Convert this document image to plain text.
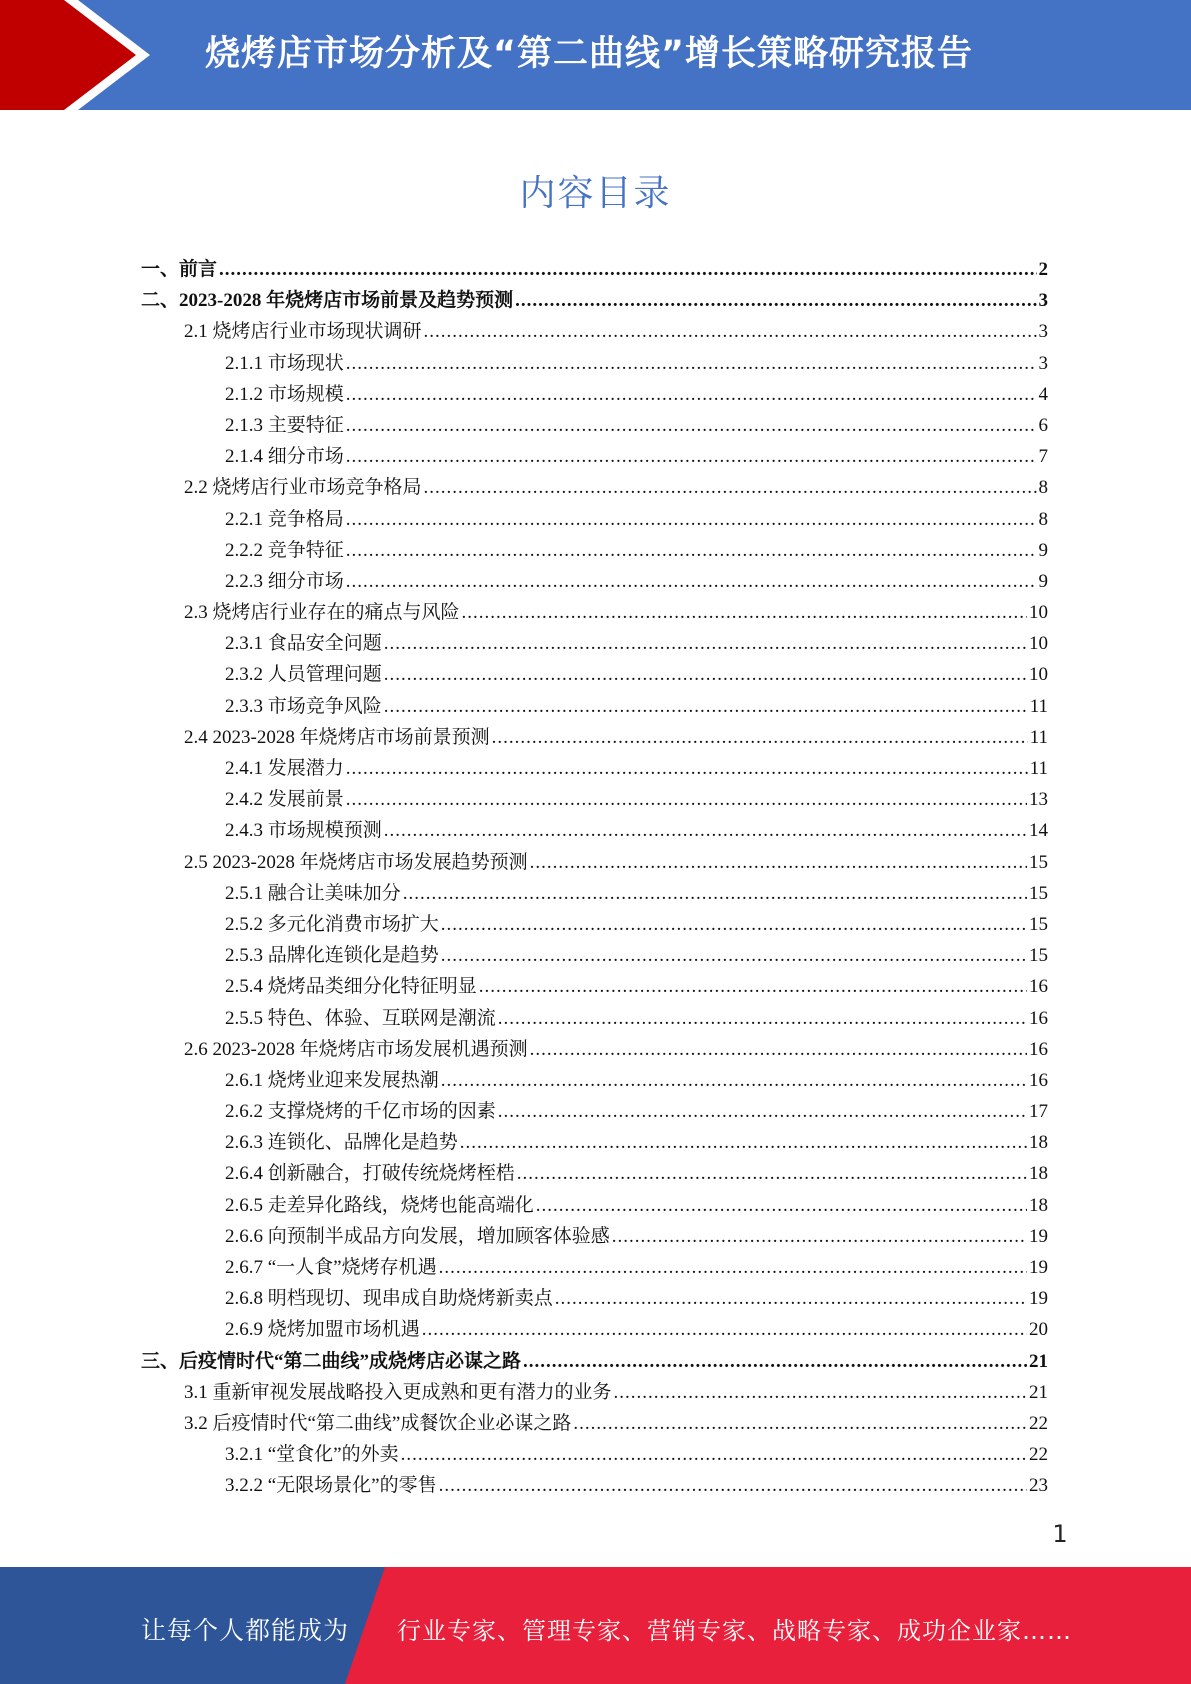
烧烤店市场分析及“第二曲线”增长策略研究报告
内容目录
一、前言 .....	2
二、2023-2028 年烧烤店市场前景及趋势预测 .....	3
2.1 烧烤店行业市场现状调研 .....	3
2.1.1 市场现状 .....	3
2.1.2 市场规模 .....	4
2.1.3 主要特征 .....	6
2.1.4 细分市场 .....	7
2.2 烧烤店行业市场竞争格局 .....	8
2.2.1 竞争格局 .....	8
2.2.2 竞争特征 .....	9
2.2.3 细分市场 .....	9
2.3 烧烤店行业存在的痛点与风险 .....	10
2.3.1 食品安全问题 .....	10
2.3.2 人员管理问题 .....	10
2.3.3 市场竞争风险 .....	11
2.4 2023-2028 年烧烤店市场前景预测 .....	11
2.4.1 发展潜力 .....	11
2.4.2 发展前景 .....	13
2.4.3 市场规模预测 .....	14
2.5 2023-2028 年烧烤店市场发展趋势预测 .....	15
2.5.1 融合让美味加分 .....	15
2.5.2 多元化消费市场扩大 .....	15
2.5.3 品牌化连锁化是趋势 .....	15
2.5.4 烧烤品类细分化特征明显 .....	16
2.5.5 特色、体验、互联网是潮流 .....	16
2.6 2023-2028 年烧烤店市场发展机遇预测 .....	16
2.6.1 烧烤业迎来发展热潮 .....	16
2.6.2 支撑烧烤的千亿市场的因素 .....	17
2.6.3 连锁化、品牌化是趋势 .....	18
2.6.4 创新融合，打破传统烧烤桎梏 .....	18
2.6.5 走差异化路线，烧烤也能高端化 .....	18
2.6.6 向预制半成品方向发展，增加顾客体验感 .....	19
2.6.7 “一人食”烧烤存机遇 .....	19
2.6.8 明档现切、现串成自助烧烤新卖点 .....	19
2.6.9 烧烤加盟市场机遇 .....	20
三、后疫情时代“第二曲线”成烧烤店必谋之路 .....	21
3.1 重新审视发展战略投入更成熟和更有潜力的业务 .....	21
3.2 后疫情时代“第二曲线”成餐饮企业必谋之路 .....	22
3.2.1 “堂食化”的外卖 .....	22
3.2.2 “无限场景化”的零售 .....	23
1
让每个人都能成为 行业专家、管理专家、营销专家、战略专家、成功企业家……
